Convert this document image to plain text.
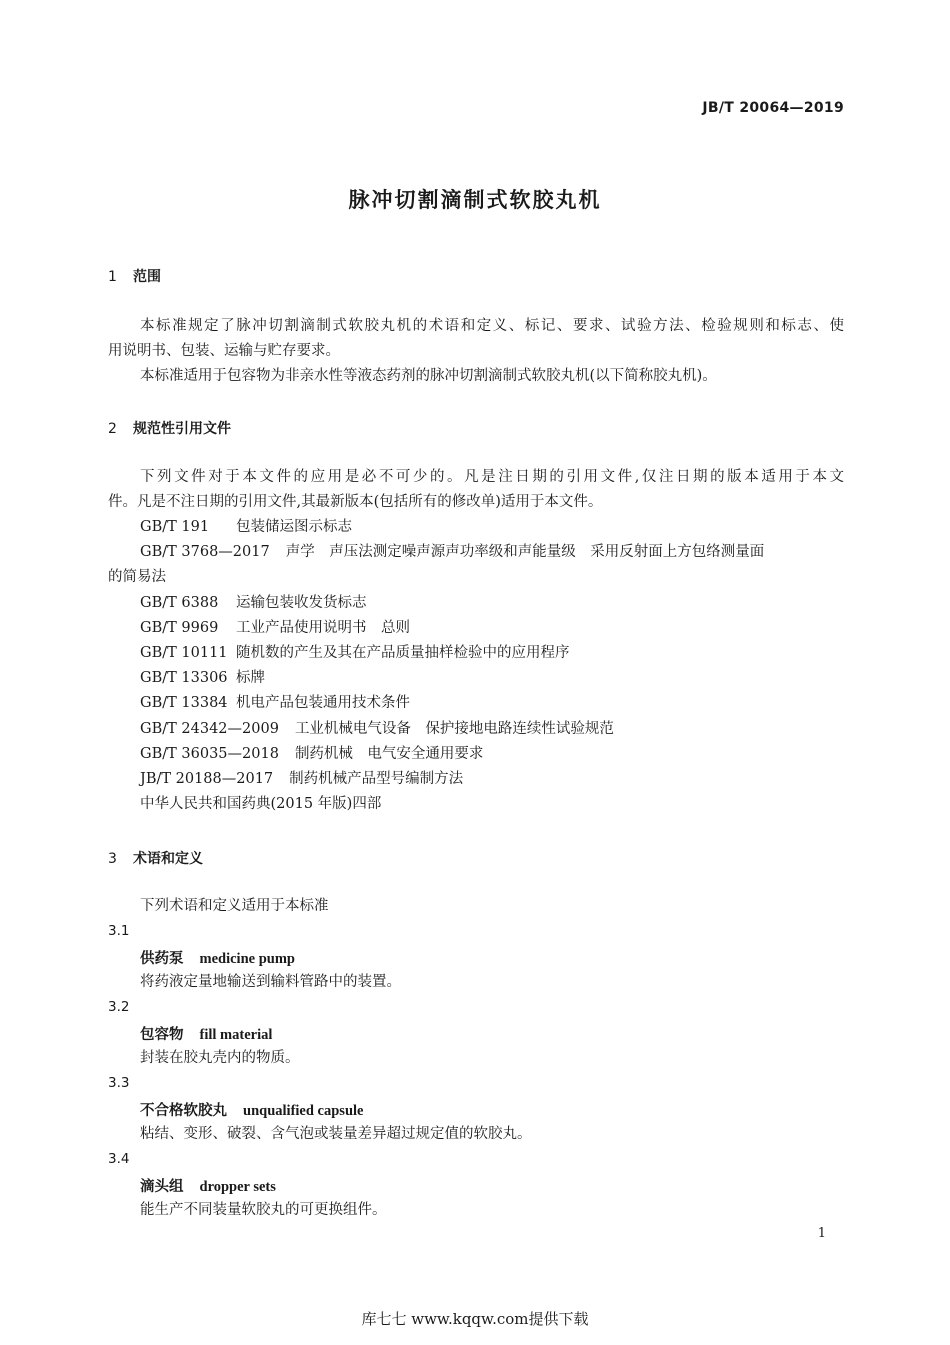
JB/T 20064—2019
脉冲切割滴制式软胶丸机
1 范围
本标准规定了脉冲切割滴制式软胶丸机的术语和定义、标记、要求、试验方法、检验规则和标志、使
用说明书、包装、运输与贮存要求。
本标准适用于包容物为非亲水性等液态药剂的脉冲切割滴制式软胶丸机(以下简称胶丸机)。
2 规范性引用文件
下列文件对于本文件的应用是必不可少的。凡是注日期的引用文件,仅注日期的版本适用于本文
件。凡是不注日期的引用文件,其最新版本(包括所有的修改单)适用于本文件。
GB/T 191 包装储运图示标志
GB/T 3768—2017 声学　声压法测定噪声源声功率级和声能量级　采用反射面上方包络测量面
的简易法
GB/T 6388 运输包装收发货标志
GB/T 9969 工业产品使用说明书　总则
GB/T 10111 随机数的产生及其在产品质量抽样检验中的应用程序
GB/T 13306 标牌
GB/T 13384 机电产品包装通用技术条件
GB/T 24342—2009 工业机械电气设备　保护接地电路连续性试验规范
GB/T 36035—2018 制药机械　电气安全通用要求
JB/T 20188—2017 制药机械产品型号编制方法
中华人民共和国药典(2015 年版)四部
3 术语和定义
下列术语和定义适用于本标准
3.1
供药泵 medicine pump
将药液定量地输送到输料管路中的装置。
3.2
包容物 fill material
封装在胶丸壳内的物质。
3.3
不合格软胶丸 unqualified capsule
粘结、变形、破裂、含气泡或装量差异超过规定值的软胶丸。
3.4
滴头组 dropper sets
能生产不同装量软胶丸的可更换组件。
1
库七七 www.kqqw.com提供下载
